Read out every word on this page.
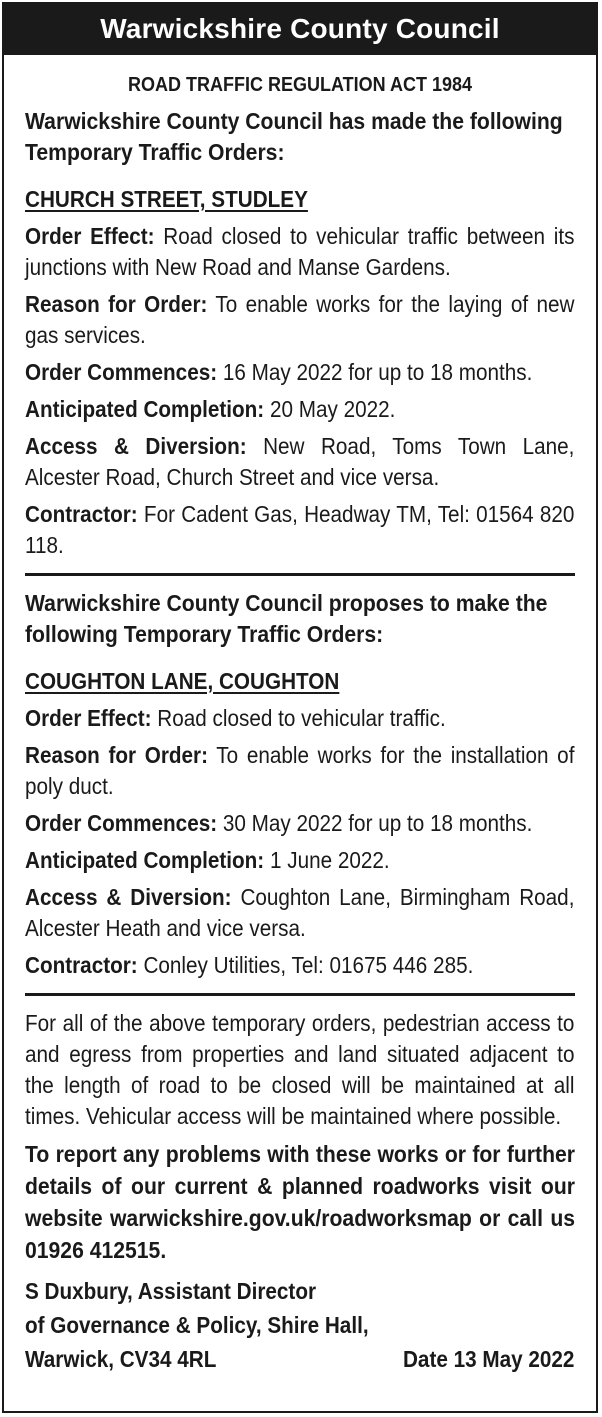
Warwickshire County Council
ROAD TRAFFIC REGULATION ACT 1984
Warwickshire County Council has made the following Temporary Traffic Orders:
CHURCH STREET, STUDLEY
Order Effect: Road closed to vehicular traffic between its junctions with New Road and Manse Gardens.
Reason for Order: To enable works for the laying of new gas services.
Order Commences: 16 May 2022 for up to 18 months.
Anticipated Completion: 20 May 2022.
Access & Diversion: New Road, Toms Town Lane, Alcester Road, Church Street and vice versa.
Contractor: For Cadent Gas, Headway TM, Tel: 01564 820 118.
Warwickshire County Council proposes to make the following Temporary Traffic Orders:
COUGHTON LANE, COUGHTON
Order Effect: Road closed to vehicular traffic.
Reason for Order: To enable works for the installation of poly duct.
Order Commences: 30 May 2022 for up to 18 months.
Anticipated Completion: 1 June 2022.
Access & Diversion: Coughton Lane, Birmingham Road, Alcester Heath and vice versa.
Contractor: Conley Utilities, Tel: 01675 446 285.
For all of the above temporary orders, pedestrian access to and egress from properties and land situated adjacent to the length of road to be closed will be maintained at all times. Vehicular access will be maintained where possible.
To report any problems with these works or for further details of our current & planned roadworks visit our website warwickshire.gov.uk/roadworksmap or call us 01926 412515.
S Duxbury, Assistant Director
of Governance & Policy, Shire Hall,
Warwick, CV34 4RL	Date 13 May 2022
